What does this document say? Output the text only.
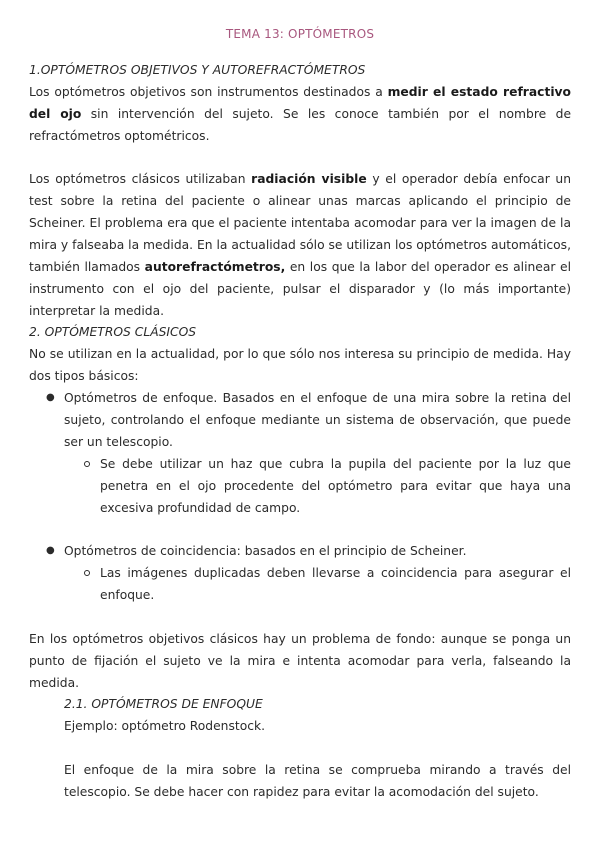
TEMA 13: OPTÓMETROS

1.OPTÓMETROS OBJETIVOS Y AUTOREFRACTÓMETROS

Los optómetros objetivos son instrumentos destinados a medir el estado refractivo del ojo sin intervención del sujeto. Se les conoce también por el nombre de refractómetros optométricos.

Los optómetros clásicos utilizaban radiación visible y el operador debía enfocar un test sobre la retina del paciente o alinear unas marcas aplicando el principio de Scheiner. El problema era que el paciente intentaba acomodar para ver la imagen de la mira y falseaba la medida. En la actualidad sólo se utilizan los optómetros automáticos, también llamados autorefractómetros, en los que la labor del operador es alinear el instrumento con el ojo del paciente, pulsar el disparador y (lo más importante) interpretar la medida.

2. OPTÓMETROS CLÁSICOS

No se utilizan en la actualidad, por lo que sólo nos interesa su principio de medida. Hay dos tipos básicos:

● Optómetros de enfoque. Basados en el enfoque de una mira sobre la retina del sujeto, controlando el enfoque mediante un sistema de observación, que puede ser un telescopio.

Se debe utilizar un haz que cubra la pupila del paciente por la luz que penetra en el ojo procedente del optómetro para evitar que haya una excesiva profundidad de campo.

● Optómetros de coincidencia: basados en el principio de Scheiner.

Las imágenes duplicadas deben llevarse a coincidencia para asegurar el enfoque.

En los optómetros objetivos clásicos hay un problema de fondo: aunque se ponga un punto de fijación el sujeto ve la mira e intenta acomodar para verla, falseando la medida.

2.1. OPTÓMETROS DE ENFOQUE

Ejemplo: optómetro Rodenstock.

El enfoque de la mira sobre la retina se comprueba mirando a través del telescopio. Se debe hacer con rapidez para evitar la acomodación del sujeto.
